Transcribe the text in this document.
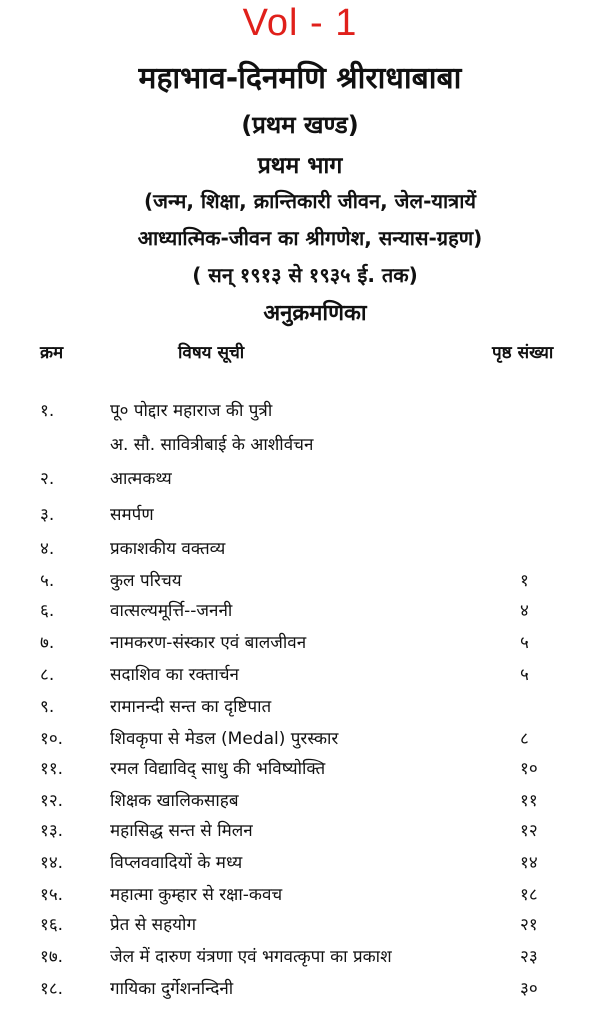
Vol - 1
महाभाव-दिनमणि श्रीराधाबाबा
(प्रथम खण्ड)
प्रथम भाग
(जन्म, शिक्षा, क्रान्तिकारी जीवन, जेल-यात्रायें
आध्यात्मिक-जीवन का श्रीगणेश, सन्यास-ग्रहण)
( सन् १९१३ से १९३५ ई. तक)
अनुक्रमणिका
क्रम	विषय सूची	पृष्ठ संख्या
१.	पू० पोद्दार महाराज की पुत्री
अ. सौ. सावित्रीबाई के आशीर्वचन
२.	आत्मकथ्य
३.	समर्पण
४.	प्रकाशकीय वक्तव्य
५.	कुल परिचय	१
६.	वात्सल्यमूर्त्ति--जननी	४
७.	नामकरण-संस्कार एवं बालजीवन	५
८.	सदाशिव का रक्तार्चन	५
९.	रामानन्दी सन्त का दृष्टिपात
१०.	शिवकृपा से मेडल (Medal) पुरस्कार	८
११.	रमल विद्याविद् साधु की भविष्योक्ति	१०
१२.	शिक्षक खालिकसाहब	११
१३.	महासिद्ध सन्त से मिलन	१२
१४.	विप्लववादियों के मध्य	१४
१५.	महात्मा कुम्हार से रक्षा-कवच	१८
१६.	प्रेत से सहयोग	२१
१७.	जेल में दारुण यंत्रणा एवं भगवत्कृपा का प्रकाश	२३
१८.	गायिका दुर्गेशनन्दिनी	३०
